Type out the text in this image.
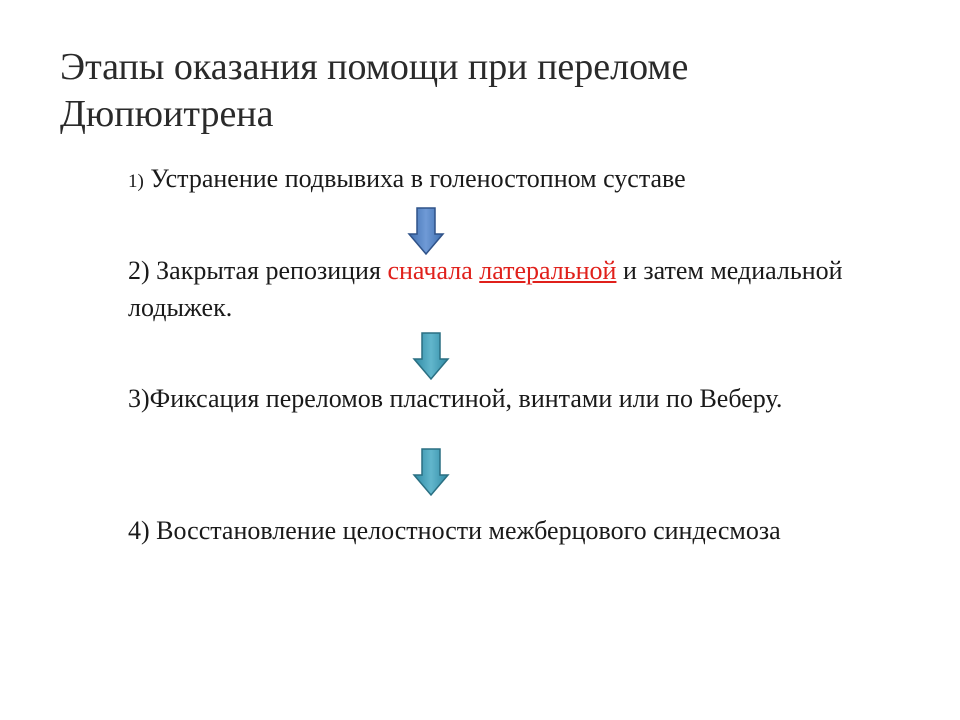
Этапы оказания помощи при переломе Дюпюитрена

1) Устранение подвывиха в голеностопном суставе

2) Закрытая репозиция сначала латеральной и затем медиальной лодыжек.

3)Фиксация переломов пластиной, винтами или по Веберу.

4) Восстановление целостности межберцового синдесмоза
